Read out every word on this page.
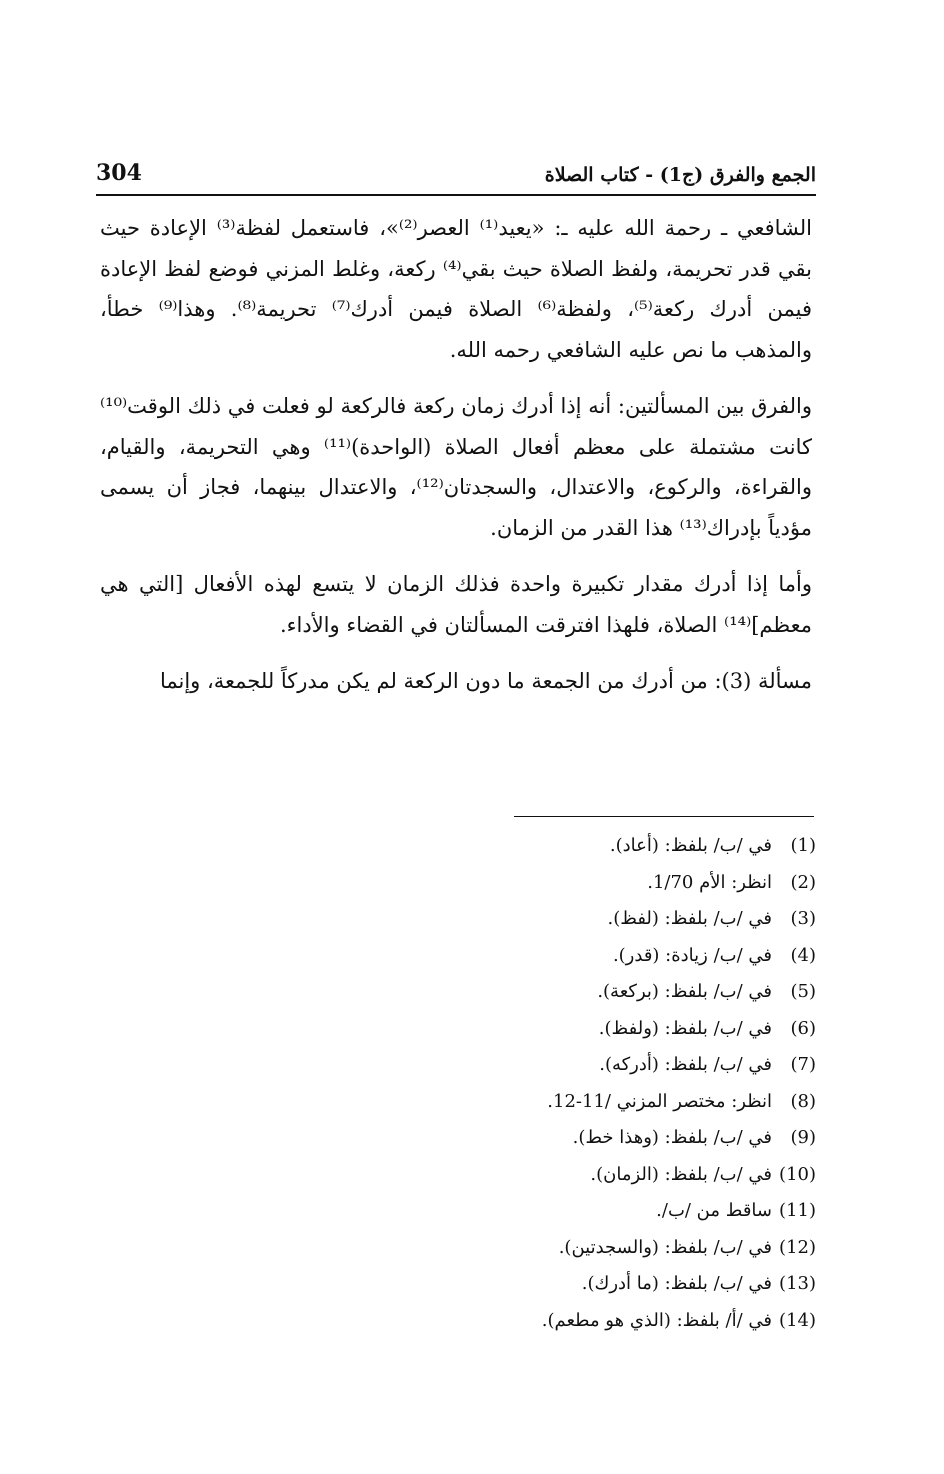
304	الجمع والفرق (ج1) - كتاب الصلاة

الشافعي ـ رحمة الله عليه ـ: «يعيد⁽¹⁾ العصر⁽²⁾»، فاستعمل لفظة⁽³⁾ الإعادة حيث بقي قدر تحريمة، ولفظ الصلاة حيث بقي⁽⁴⁾ ركعة، وغلط المزني فوضع لفظ الإعادة فيمن أدرك ركعة⁽⁵⁾، ولفظة⁽⁶⁾ الصلاة فيمن أدرك⁽⁷⁾ تحريمة⁽⁸⁾. وهذا⁽⁹⁾ خطأ، والمذهب ما نص عليه الشافعي رحمه الله.

والفرق بين المسألتين: أنه إذا أدرك زمان ركعة فالركعة لو فعلت في ذلك الوقت⁽¹⁰⁾ كانت مشتملة على معظم أفعال الصلاة (الواحدة)⁽¹¹⁾ وهي التحريمة، والقيام، والقراءة، والركوع، والاعتدال، والسجدتان⁽¹²⁾، والاعتدال بينهما، فجاز أن يسمى مؤدياً بإدراك⁽¹³⁾ هذا القدر من الزمان.

وأما إذا أدرك مقدار تكبيرة واحدة فذلك الزمان لا يتسع لهذه الأفعال [التي هي معظم]⁽¹⁴⁾ الصلاة، فلهذا افترقت المسألتان في القضاء والأداء.

مسألة (3): من أدرك من الجمعة ما دون الركعة لم يكن مدركاً للجمعة، وإنما

(1)
في /ب/ بلفظ: (أعاد).
(2)
انظر: الأم 1/70.
(3)
في /ب/ بلفظ: (لفظ).
(4)
في /ب/ زيادة: (قدر).
(5)
في /ب/ بلفظ: (بركعة).
(6)
في /ب/ بلفظ: (ولفظ).
(7)
في /ب/ بلفظ: (أدركه).
(8)
انظر: مختصر المزني /11-12.
(9)
في /ب/ بلفظ: (وهذا خط).
(10)
في /ب/ بلفظ: (الزمان).
(11)
ساقط من /ب/.
(12)
في /ب/ بلفظ: (والسجدتين).
(13)
في /ب/ بلفظ: (ما أدرك).
(14)
في /أ/ بلفظ: (الذي هو مطعم).
